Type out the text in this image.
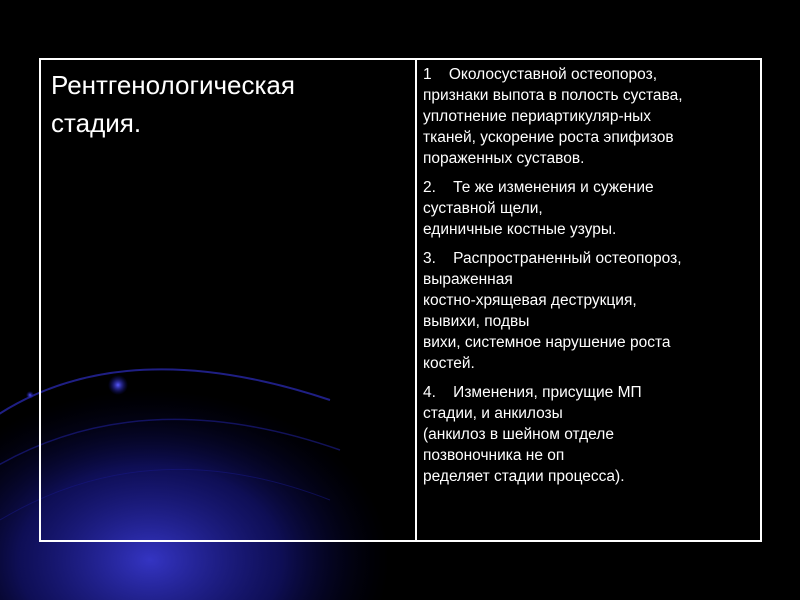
Рентгенологическая
стадия.

1 Околосуставной остеопороз,
признаки выпота в полость сустава,
уплотнение периартикуляр-ных
тканей, ускорение роста эпифизов
пораженных суставов.
2. Те же изменения и сужение
суставной щели,
единичные костные узуры.
3. Распространенный остеопороз,
выраженная
костно-хрящевая деструкция,
вывихи, подвы
вихи, системное нарушение роста
костей.
4. Изменения, присущие МП
стадии, и анкилозы
(анкилоз в шейном отделе
позвоночника не оп
ределяет стадии процесса).
